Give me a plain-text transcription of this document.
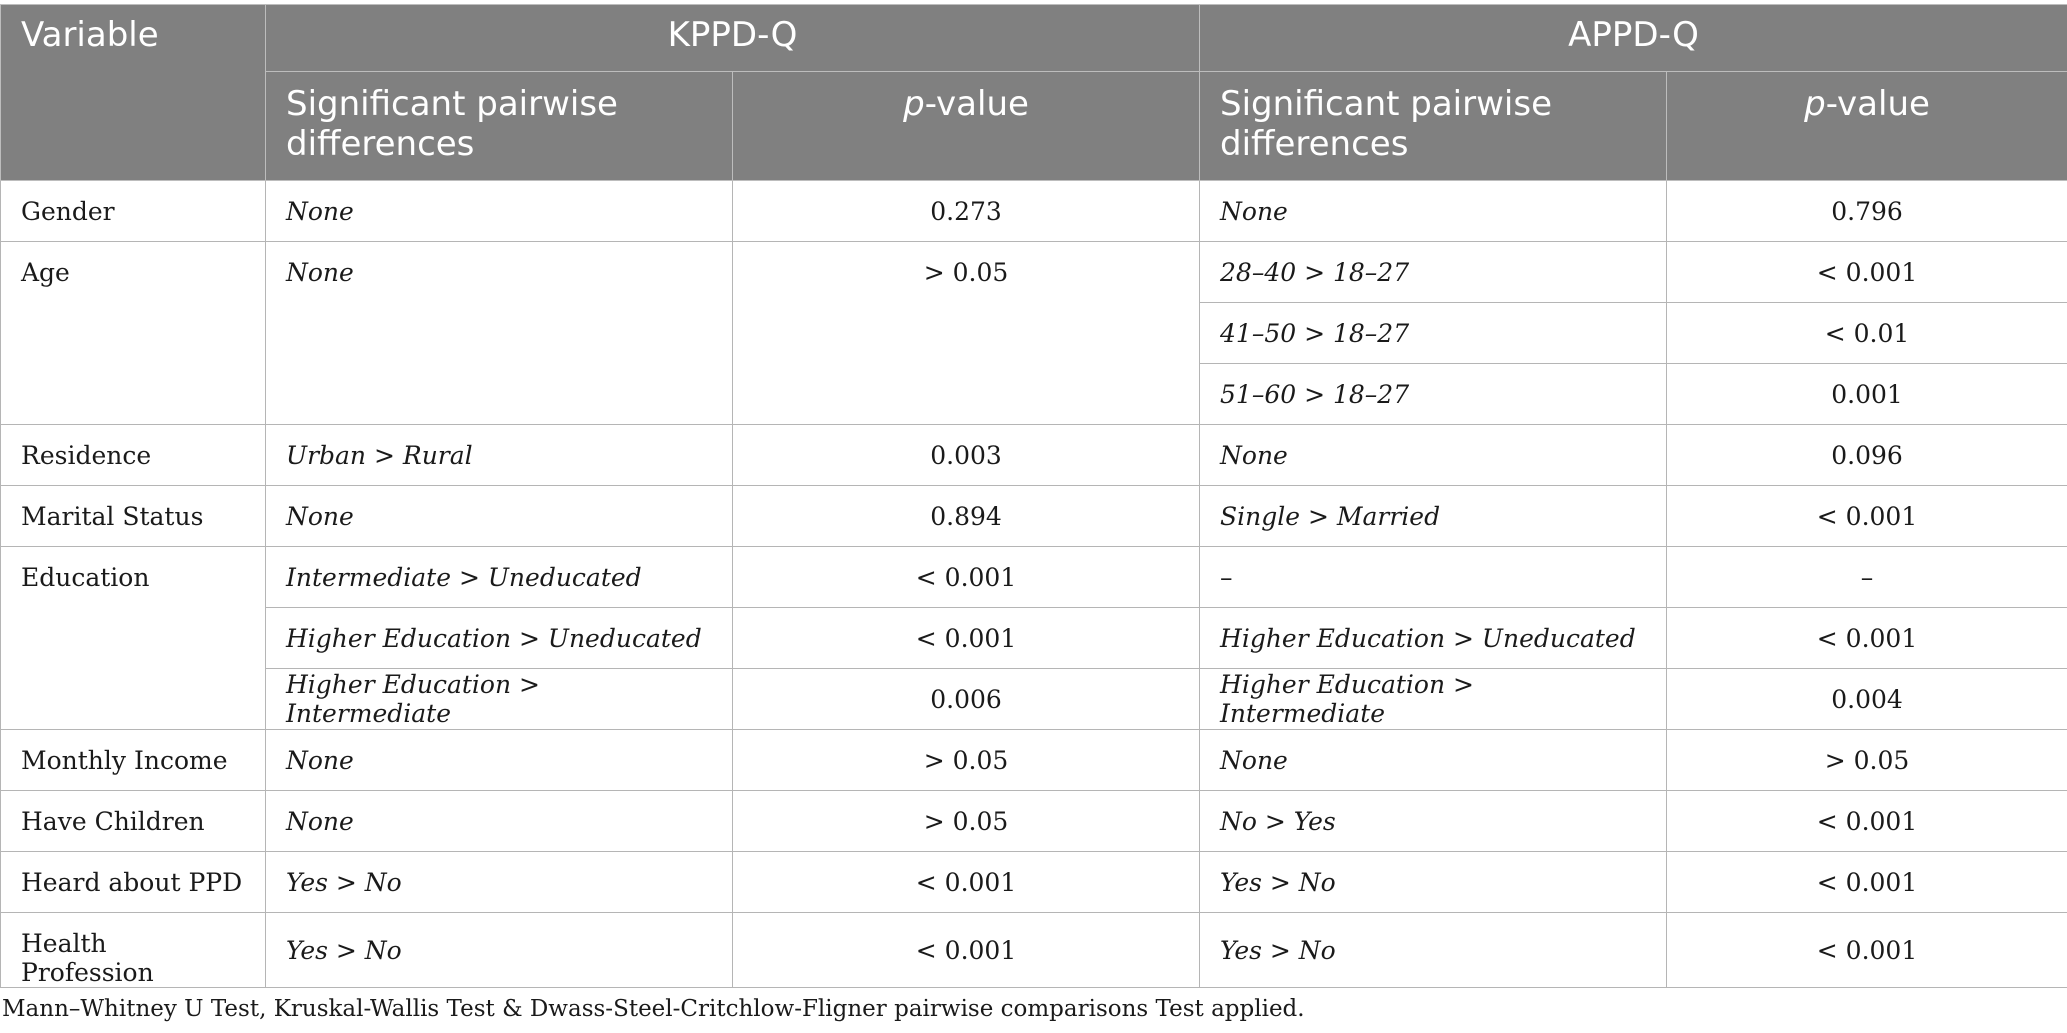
Variable	KPPD-Q		APPD-Q	
	Significant pairwise differences	p-value	Significant pairwise differences	p-value
Gender	None	0.273	None	0.796
Age	None	> 0.05	28–40 > 18–27	< 0.001
			41–50 > 18–27	< 0.01
			51–60 > 18–27	0.001
Residence	Urban > Rural	0.003	None	0.096
Marital Status	None	0.894	Single > Married	< 0.001
Education	Intermediate > Uneducated	< 0.001	–	–
	Higher Education > Uneducated	< 0.001	Higher Education > Uneducated	< 0.001
	Higher Education > Intermediate	0.006	Higher Education > Intermediate	0.004
Monthly Income	None	> 0.05	None	> 0.05
Have Children	None	> 0.05	No > Yes	< 0.001
Heard about PPD	Yes > No	< 0.001	Yes > No	< 0.001
Health Profession	Yes > No	< 0.001	Yes > No	< 0.001
Mann–Whitney U Test, Kruskal-Wallis Test & Dwass-Steel-Critchlow-Fligner pairwise comparisons Test applied.
